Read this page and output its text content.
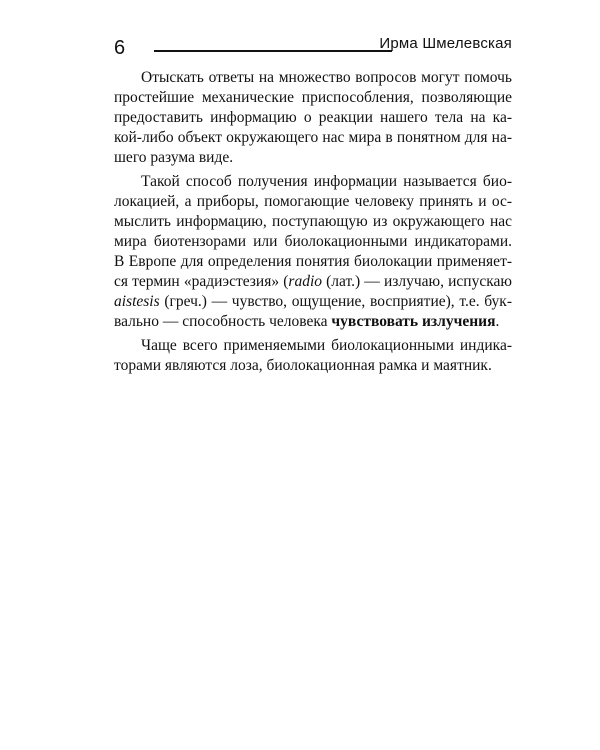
6	Ирма Шмелевская
Отыскать ответы на множество вопросов могут помочь
простейшие механические приспособления, позволяющие
предоставить информацию о реакции нашего тела на ка-
кой-либо объект окружающего нас мира в понятном для на-
шего разума виде.
Такой способ получения информации называется био-
локацией, а приборы, помогающие человеку принять и ос-
мыслить информацию, поступающую из окружающего нас
мира биотензорами или биолокационными индикаторами.
В Европе для определения понятия биолокации применяет-
ся термин «радиэстезия» (radio (лат.) — излучаю, испускаю
aistesis (греч.) — чувство, ощущение, восприятие), т.е. бук-
вально — способность человека чувствовать излучения.
Чаще всего применяемыми биолокационными индика-
торами являются лоза, биолокационная рамка и маятник.
